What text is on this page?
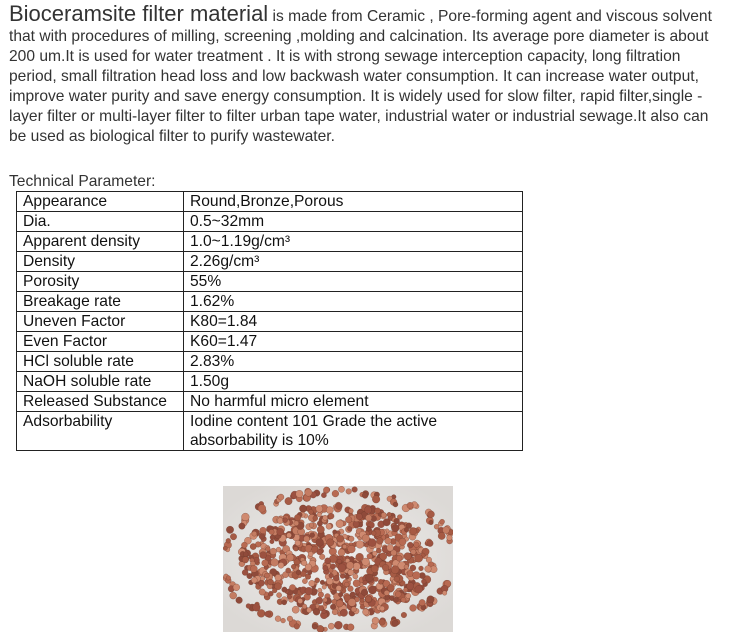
Bioceramsite filter material is made from Ceramic , Pore-forming agent and viscous solvent that with procedures of milling, screening ,molding and calcination. Its average pore diameter is about 200 um.It is used for water treatment . It is with strong sewage interception capacity, long filtration period, small filtration head loss and low backwash water consumption. It can increase water output, improve water purity and save energy consumption. It is widely used for slow filter, rapid filter,single -layer filter or multi-layer filter to filter urban tape water, industrial water or industrial sewage.It also can be used as biological filter to purify wastewater.

Technical Parameter:
Appearance	Round,Bronze,Porous
Dia.	0.5~32mm
Apparent density	1.0~1.19g/cm³
Density	2.26g/cm³
Porosity	55%
Breakage rate	1.62%
Uneven Factor	K80=1.84
Even Factor	K60=1.47
HCl soluble rate	2.83%
NaOH soluble rate	1.50g
Released Substance	No harmful micro element
Adsorbability	Iodine content 101 Grade the active absorbability is 10%
